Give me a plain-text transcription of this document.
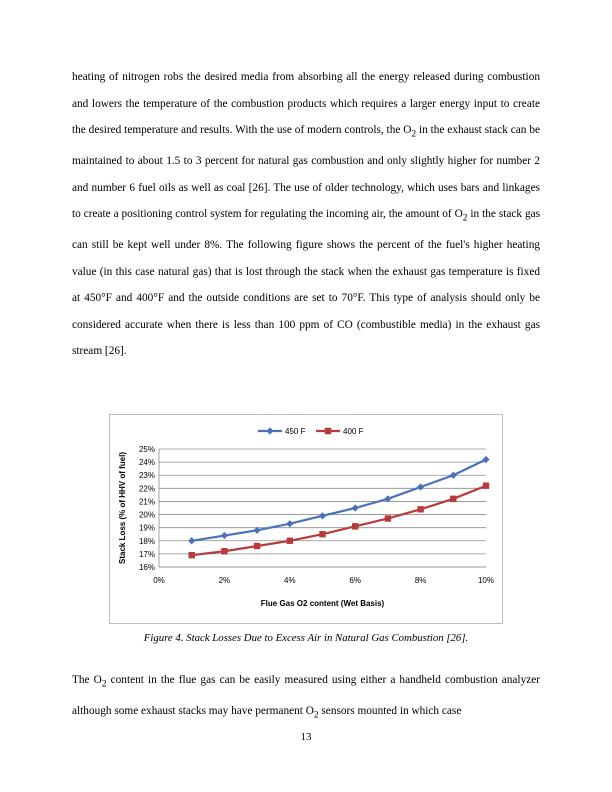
heating of nitrogen robs the desired media from absorbing all the energy released during combustion and lowers the temperature of the combustion products which requires a larger energy input to create the desired temperature and results. With the use of modern controls, the $O_2$ in the exhaust stack can be maintained to about 1.5 to 3 percent for natural gas combustion and only slightly higher for number 2 and number 6 fuel oils as well as coal [26]. The use of older technology, which uses bars and linkages to create a positioning control system for regulating the incoming air, the amount of $O_2$ in the stack gas can still be kept well under 8%. The following figure shows the percent of the fuel's higher heating value (in this case natural gas) that is lost through the stack when the exhaust gas temperature is fixed at 450°F and 400°F and the outside conditions are set to 70°F. This type of analysis should only be considered accurate when there is less than 100 ppm of CO (combustible media) in the exhaust gas stream [26].

16%
17%
18%
19%
20%
21%
22%
23%
24%
25%
0%	2%	4%	6%	8%	10%
Flue Gas O2 content (Wet Basis)
Stack Loss (% of HHV of fuel)
450 F	400 F

Figure 4. Stack Losses Due to Excess Air in Natural Gas Combustion [26].

The $O_2$ content in the flue gas can be easily measured using either a handheld combustion analyzer although some exhaust stacks may have permanent $O_2$ sensors mounted in which case

13
